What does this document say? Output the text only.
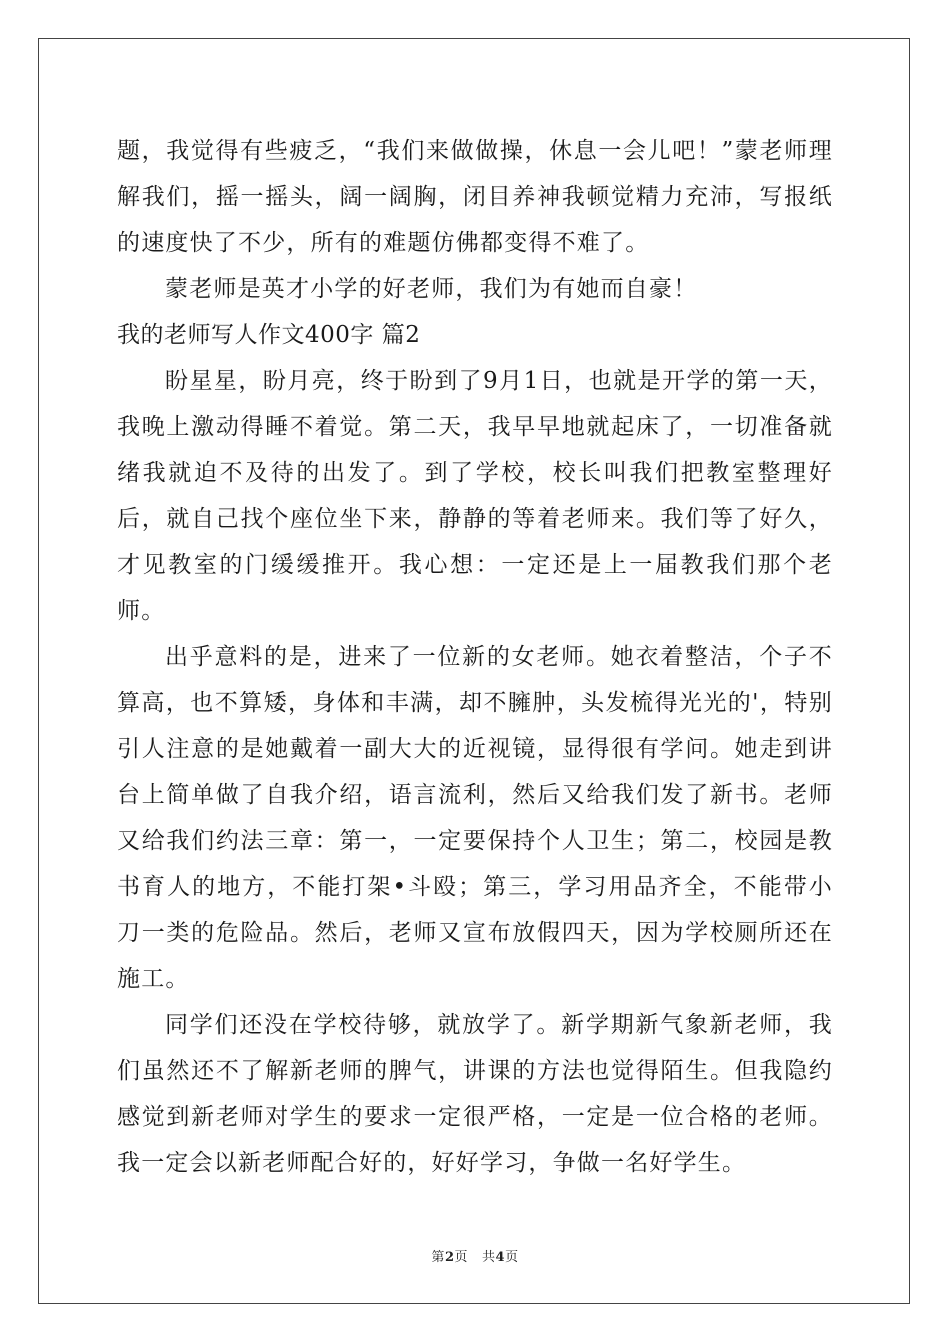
题，我觉得有些疲乏，“我们来做做操，休息一会儿吧！”蒙老师理解我们，摇一摇头，阔一阔胸，闭目养神我顿觉精力充沛，写报纸的速度快了不少，所有的难题仿佛都变得不难了。

蒙老师是英才小学的好老师，我们为有她而自豪！

我的老师写人作文400字 篇2

盼星星，盼月亮，终于盼到了9月1日，也就是开学的第一天，我晚上激动得睡不着觉。第二天，我早早地就起床了，一切准备就绪我就迫不及待的出发了。到了学校，校长叫我们把教室整理好后，就自己找个座位坐下来，静静的等着老师来。我们等了好久，才见教室的门缓缓推开。我心想：一定还是上一届教我们那个老师。

出乎意料的是，进来了一位新的女老师。她衣着整洁，个子不算高，也不算矮，身体和丰满，却不臃肿，头发梳得光光的'，特别引人注意的是她戴着一副大大的近视镜，显得很有学问。她走到讲台上简单做了自我介绍，语言流利，然后又给我们发了新书。老师又给我们约法三章：第一，一定要保持个人卫生；第二，校园是教书育人的地方，不能打架•斗殴；第三，学习用品齐全，不能带小刀一类的危险品。然后，老师又宣布放假四天，因为学校厕所还在施工。

同学们还没在学校待够，就放学了。新学期新气象新老师，我们虽然还不了解新老师的脾气，讲课的方法也觉得陌生。但我隐约感觉到新老师对学生的要求一定很严格，一定是一位合格的老师。我一定会以新老师配合好的，好好学习，争做一名好学生。

第2页 共4页
